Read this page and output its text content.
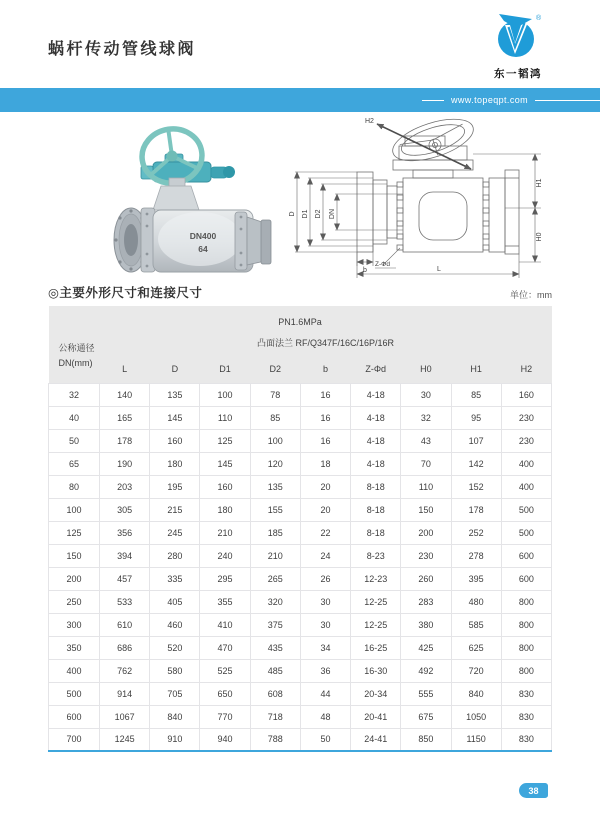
蜗杆传动管线球阀
®
东一韬鸿
www.topeqpt.com
DN400
64
H2
D D1 D2 DN
b
Z-Φd
H1
H0
L
◎主要外形尺寸和连接尺寸	单位：mm
PN1.6MPa									
公称通径
DN(mm)	凸面法兰 RF/Q347F/16C/16P/16R								
	L	D	D1	D2	b	Z-Φd	H0	H1	H2
32	140	135	100	78	16	4-18	30	85	160
40	165	145	110	85	16	4-18	32	95	230
50	178	160	125	100	16	4-18	43	107	230
65	190	180	145	120	18	4-18	70	142	400
80	203	195	160	135	20	8-18	110	152	400
100	305	215	180	155	20	8-18	150	178	500
125	356	245	210	185	22	8-18	200	252	500
150	394	280	240	210	24	8-23	230	278	600
200	457	335	295	265	26	12-23	260	395	600
250	533	405	355	320	30	12-25	283	480	800
300	610	460	410	375	30	12-25	380	585	800
350	686	520	470	435	34	16-25	425	625	800
400	762	580	525	485	36	16-30	492	720	800
500	914	705	650	608	44	20-34	555	840	830
600	1067	840	770	718	48	20-41	675	1050	830
700	1245	910	940	788	50	24-41	850	1150	830
38
